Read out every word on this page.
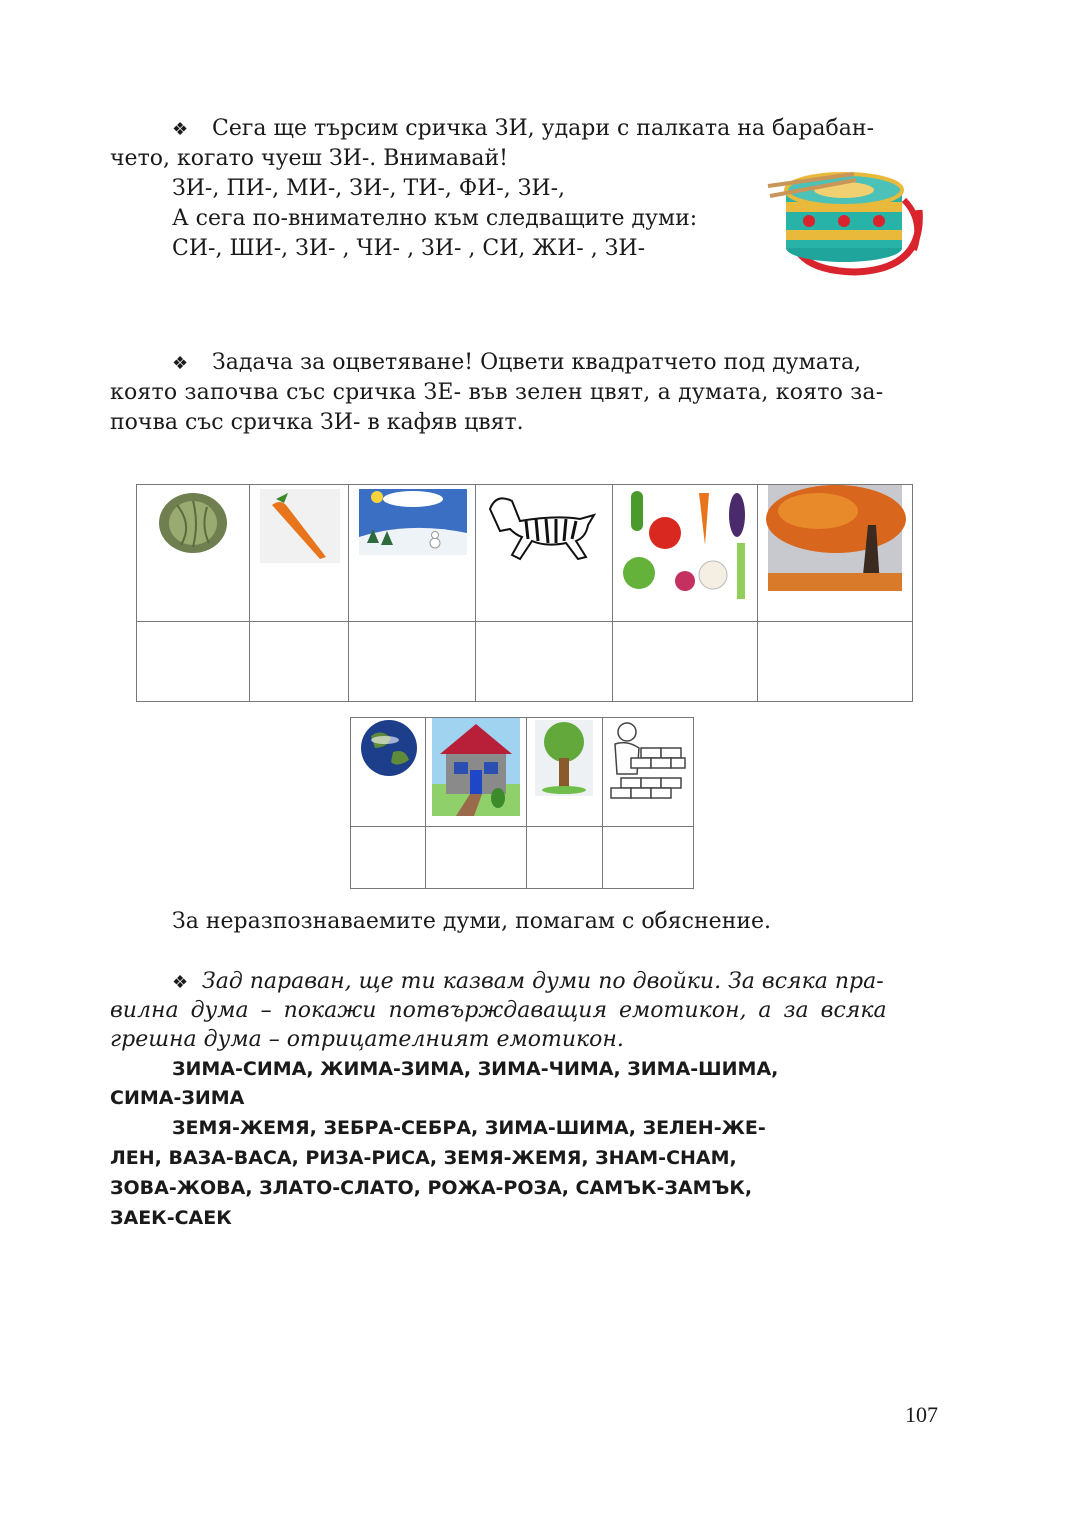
❖ Сега ще търсим сричка ЗИ, удари с палката на барабан-
чето, когато чуеш ЗИ-. Внимавай!
ЗИ-, ПИ-, МИ-, ЗИ-, ТИ-, ФИ-, ЗИ-,
А сега по-внимателно към следващите думи:
СИ-, ШИ-, ЗИ- , ЧИ- , ЗИ- , СИ, ЖИ- , ЗИ-
❖ Задача за оцветяване! Оцвети квадратчето под думата,
която започва със сричка ЗЕ- във зелен цвят, а думата, която за-
почва със сричка ЗИ- в кафяв цвят.

За неразпознаваемите думи, помагам с обяснение.
❖ Зад параван, ще ти казвам думи по двойки. За всяка пра-
вилна дума – покажи потвърждаващия емотикон, а за всяка
грешна дума – отрицателният емотикон.
ЗИМА-СИМА, ЖИМА-ЗИМА, ЗИМА-ЧИМА, ЗИМА-ШИМА,
СИМА-ЗИМА
ЗЕМЯ-ЖЕМЯ, ЗЕБРА-СЕБРА, ЗИМА-ШИМА, ЗЕЛЕН-ЖЕ-
ЛЕН, ВАЗА-ВАСА, РИЗА-РИСА, ЗЕМЯ-ЖЕМЯ, ЗНАМ-СНАМ,
ЗОВА-ЖОВА, ЗЛАТО-СЛАТО, РОЖА-РОЗА, САМЪК-ЗАМЪК,
ЗАЕК-САЕК
107
